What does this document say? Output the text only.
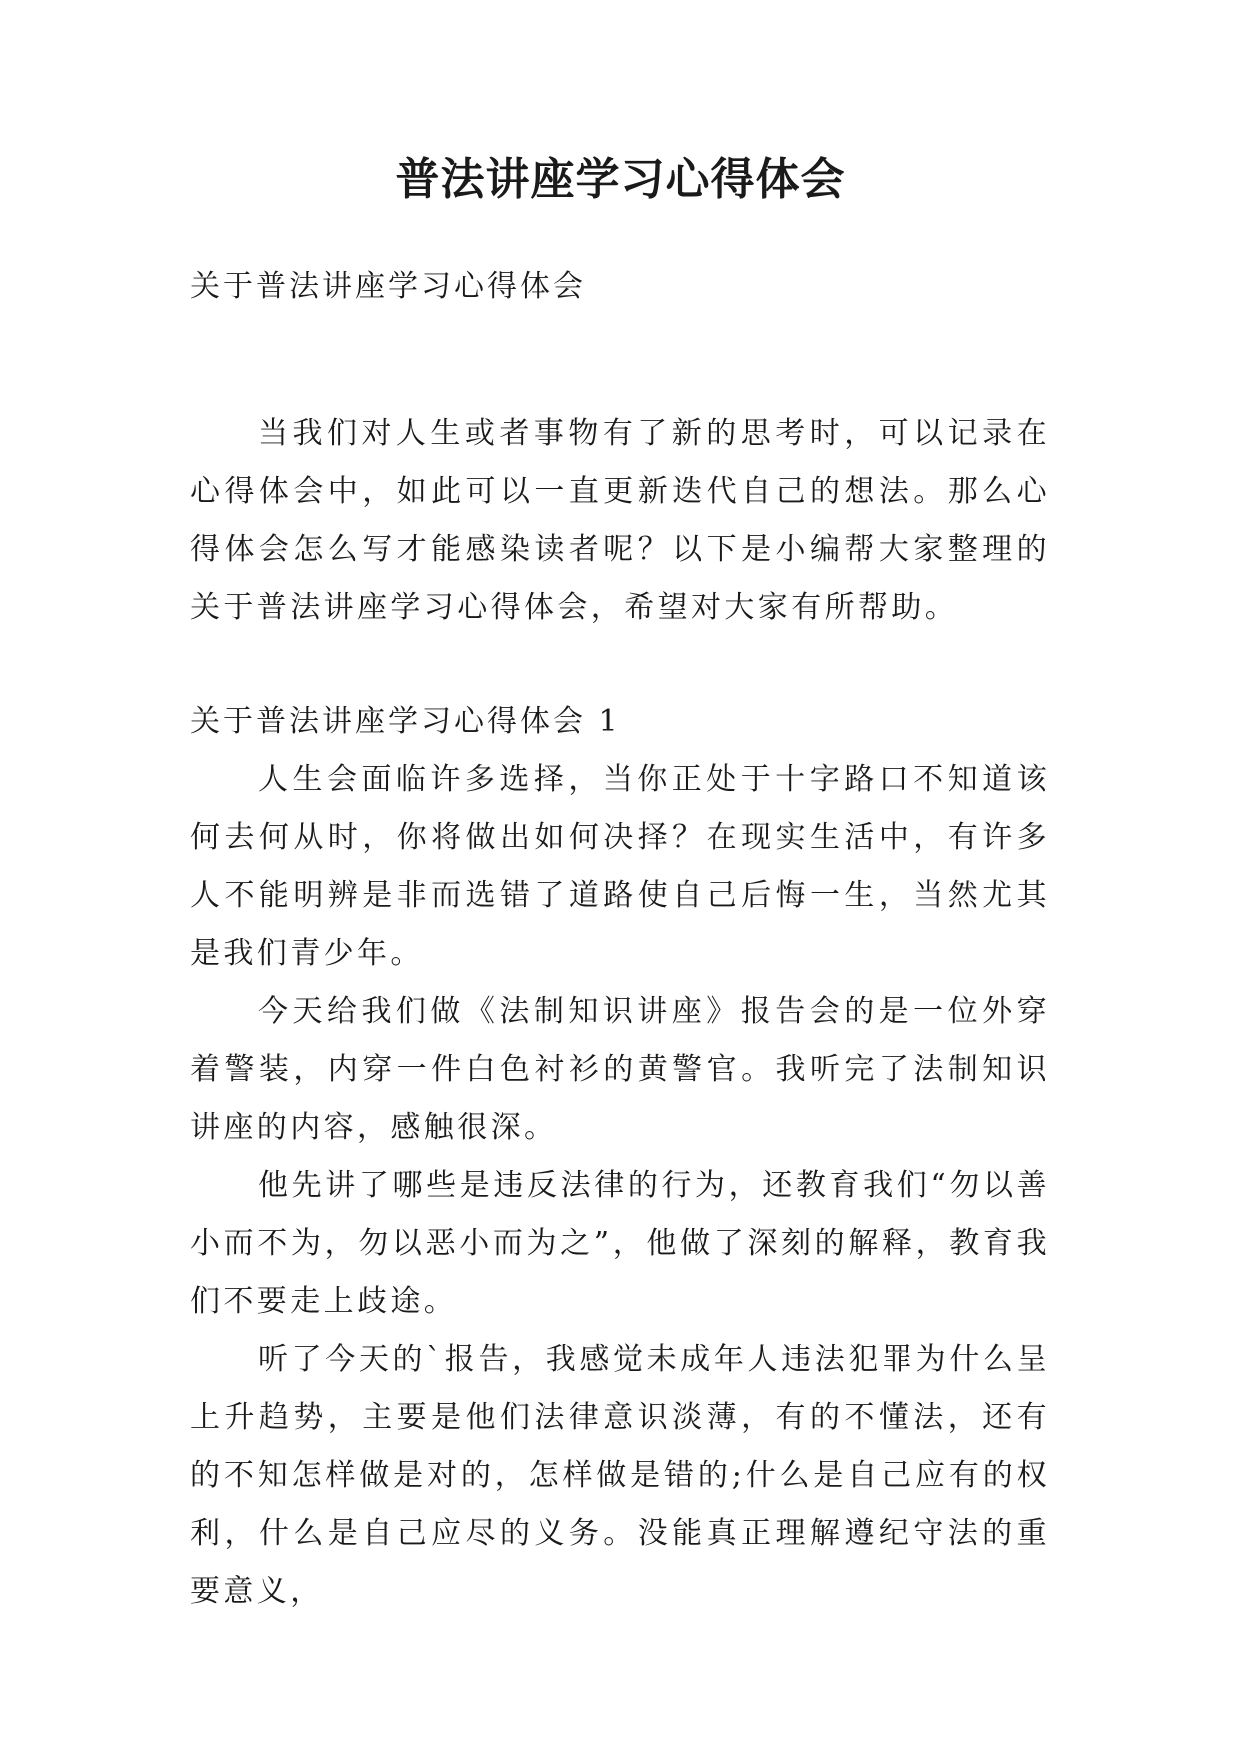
普法讲座学习心得体会

关于普法讲座学习心得体会

当我们对人生或者事物有了新的思考时，可以记录在心得体会中，如此可以一直更新迭代自己的想法。那么心得体会怎么写才能感染读者呢？以下是小编帮大家整理的关于普法讲座学习心得体会，希望对大家有所帮助。

关于普法讲座学习心得体会 1

人生会面临许多选择，当你正处于十字路口不知道该何去何从时，你将做出如何决择？在现实生活中，有许多人不能明辨是非而选错了道路使自己后悔一生，当然尤其是我们青少年。

今天给我们做《法制知识讲座》报告会的是一位外穿着警装，内穿一件白色衬衫的黄警官。我听完了法制知识讲座的内容，感触很深。

他先讲了哪些是违反法律的行为，还教育我们“勿以善小而不为，勿以恶小而为之”，他做了深刻的解释，教育我们不要走上歧途。

听了今天的`报告，我感觉未成年人违法犯罪为什么呈上升趋势，主要是他们法律意识淡薄，有的不懂法，还有的不知怎样做是对的，怎样做是错的;什么是自己应有的权利，什么是自己应尽的义务。没能真正理解遵纪守法的重要意义，
